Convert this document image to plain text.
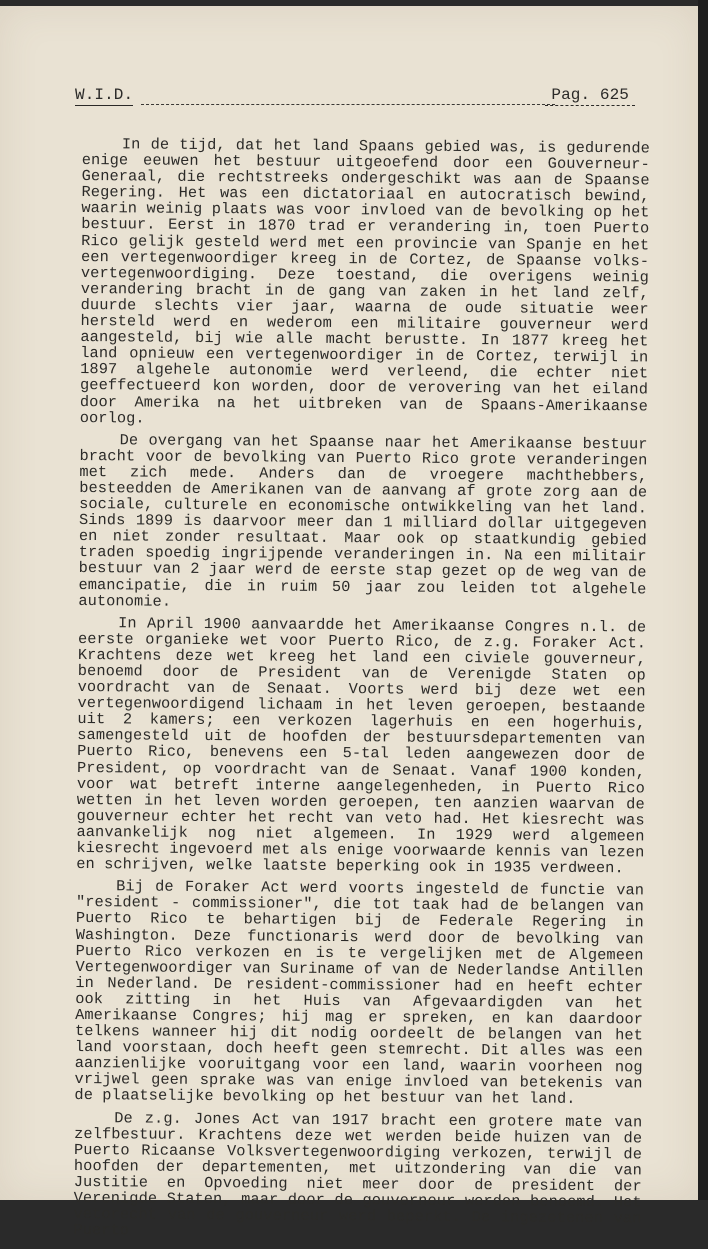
W.I.D.	Pag. 625

In de tijd, dat het land Spaans gebied was, is gedurende enige eeuwen het bestuur uitgeoefend door een Gouverneur-Generaal, die rechtstreeks ondergeschikt was aan de Spaanse Regering. Het was een dictatoriaal en autocratisch bewind, waarin weinig plaats was voor invloed van de bevolking op het bestuur. Eerst in 1870 trad er verandering in, toen Puerto Rico gelijk gesteld werd met een provincie van Spanje en het een vertegenwoordiger kreeg in de Cortez, de Spaanse volks-vertegenwoordiging. Deze toestand, die overigens weinig verandering bracht in de gang van zaken in het land zelf, duurde slechts vier jaar, waarna de oude situatie weer hersteld werd en wederom een militaire gouverneur werd aangesteld, bij wie alle macht berustte. In 1877 kreeg het land opnieuw een vertegenwoordiger in de Cortez, terwijl in 1897 algehele autonomie werd verleend, die echter niet geeffectueerd kon worden, door de verovering van het eiland door Amerika na het uitbreken van de Spaans-Amerikaanse oorlog.

De overgang van het Spaanse naar het Amerikaanse bestuur bracht voor de bevolking van Puerto Rico grote veranderingen met zich mede. Anders dan de vroegere machthebbers, besteedden de Amerikanen van de aanvang af grote zorg aan de sociale, culturele en economische ontwikkeling van het land. Sinds 1899 is daarvoor meer dan 1 milliard dollar uitgegeven en niet zonder resultaat. Maar ook op staatkundig gebied traden spoedig ingrijpende veranderingen in. Na een militair bestuur van 2 jaar werd de eerste stap gezet op de weg van de emancipatie, die in ruim 50 jaar zou leiden tot algehele autonomie.

In April 1900 aanvaardde het Amerikaanse Congres n.l. de eerste organieke wet voor Puerto Rico, de z.g. Foraker Act. Krachtens deze wet kreeg het land een civiele gouverneur, benoemd door de President van de Verenigde Staten op voordracht van de Senaat. Voorts werd bij deze wet een vertegenwoordigend lichaam in het leven geroepen, bestaande uit 2 kamers; een verkozen lagerhuis en een hogerhuis, samengesteld uit de hoofden der bestuursdepartementen van Puerto Rico, benevens een 5-tal leden aangewezen door de President, op voordracht van de Senaat. Vanaf 1900 konden, voor wat betreft interne aangelegenheden, in Puerto Rico wetten in het leven worden geroepen, ten aanzien waarvan de gouverneur echter het recht van veto had. Het kiesrecht was aanvankelijk nog niet algemeen. In 1929 werd algemeen kiesrecht ingevoerd met als enige voorwaarde kennis van lezen en schrijven, welke laatste beperking ook in 1935 verdween.

Bij de Foraker Act werd voorts ingesteld de functie van "resident - commissioner", die tot taak had de belangen van Puerto Rico te behartigen bij de Federale Regering in Washington. Deze functionaris werd door de bevolking van Puerto Rico verkozen en is te vergelijken met de Algemeen Vertegenwoordiger van Suriname of van de Nederlandse Antillen in Nederland. De resident-commissioner had en heeft echter ook zitting in het Huis van Afgevaardigden van het Amerikaanse Congres; hij mag er spreken, en kan daardoor telkens wanneer hij dit nodig oordeelt de belangen van het land voorstaan, doch heeft geen stemrecht. Dit alles was een aanzienlijke vooruitgang voor een land, waarin voorheen nog vrijwel geen sprake was van enige invloed van betekenis van de plaatselijke bevolking op het bestuur van het land.

De z.g. Jones Act van 1917 bracht een grotere mate van zelfbestuur. Krachtens deze wet werden beide huizen van de Puerto Ricaanse Volksvertegenwoordiging verkozen, terwijl de hoofden der departementen, met uitzondering van die van Justitie en Opvoeding niet meer door de president der Verenigde Staten, maar door de gouverneur werden benoemd. Het vetorecht van de gouverneur werd beperkt. De ingezetenen van Puerto
